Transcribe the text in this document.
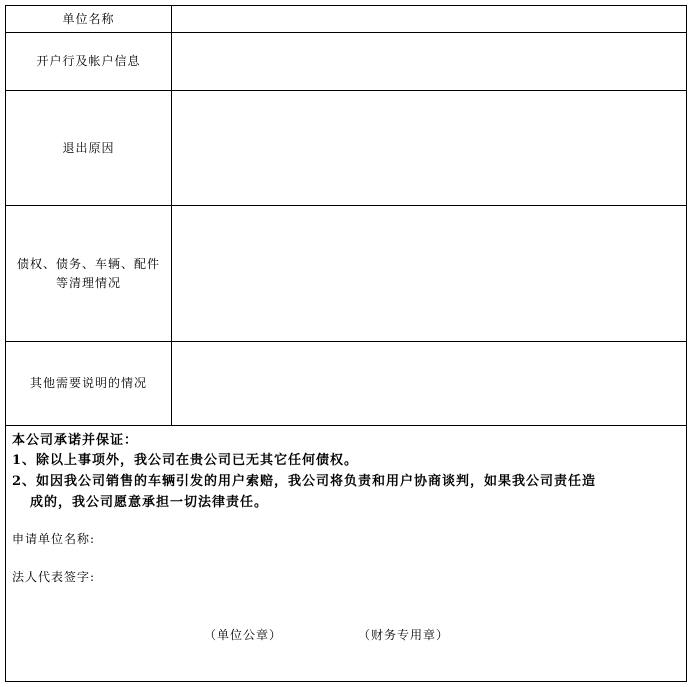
单位名称
开户行及帐户信息
退出原因
债权、债务、车辆、配件
等清理情况
其他需要说明的情况
本公司承诺并保证：
1、除以上事项外，我公司在贵公司已无其它任何债权。
2、如因我公司销售的车辆引发的用户索赔，我公司将负责和用户协商谈判，如果我公司责任造
成的，我公司愿意承担一切法律责任。
申请单位名称:
法人代表签字:
（单位公章）	（财务专用章）
